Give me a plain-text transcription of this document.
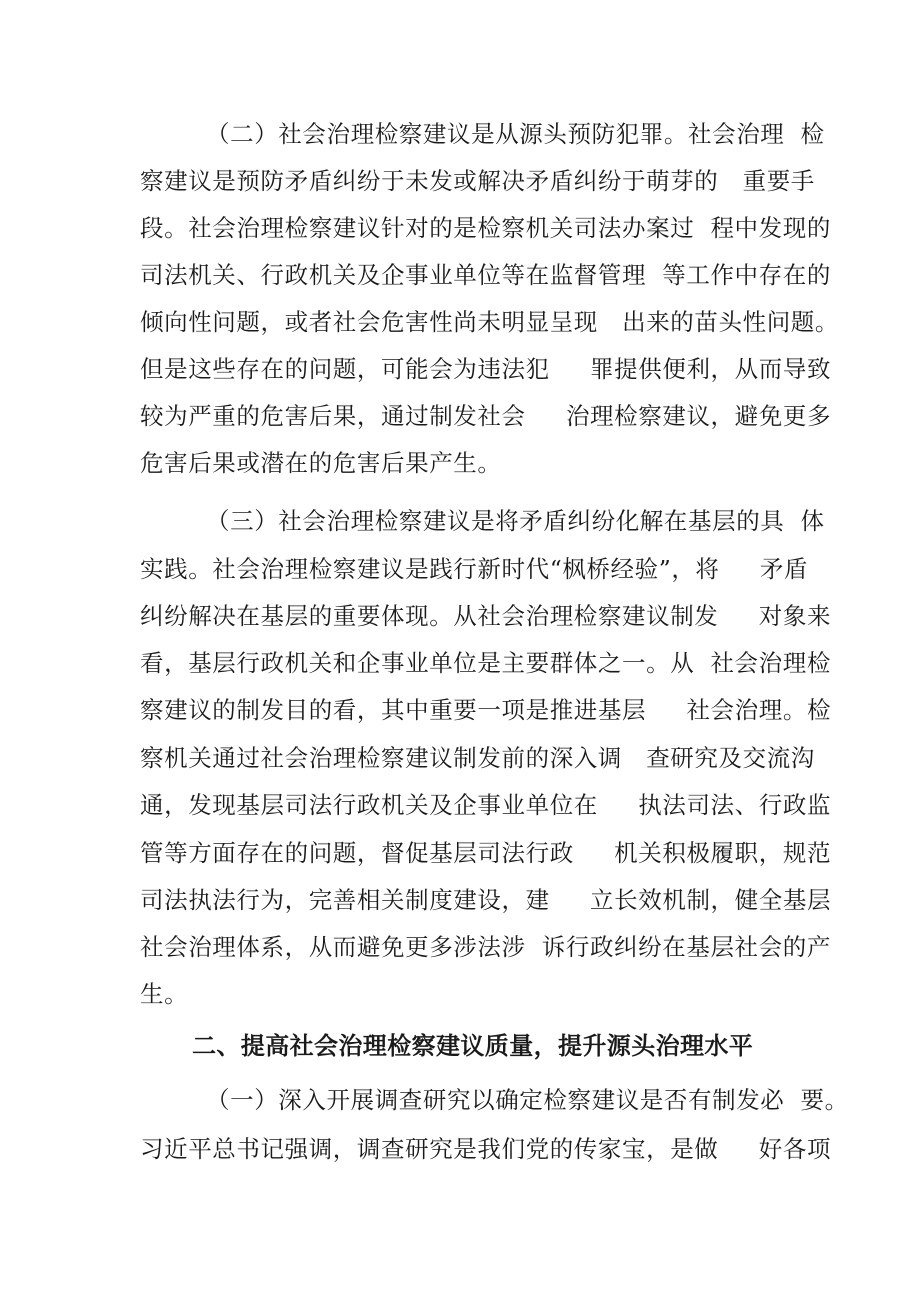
（二）社会治理检察建议是从源头预防犯罪。社会治理  检
察建议是预防矛盾纠纷于未发或解决矛盾纠纷于萌芽的   重要手
段。社会治理检察建议针对的是检察机关司法办案过  程中发现的
司法机关、行政机关及企事业单位等在监督管理  等工作中存在的
倾向性问题，或者社会危害性尚未明显呈现   出来的苗头性问题。
但是这些存在的问题，可能会为违法犯     罪提供便利，从而导致
较为严重的危害后果，通过制发社会     治理检察建议，避免更多
危害后果或潜在的危害后果产生。
（三）社会治理检察建议是将矛盾纠纷化解在基层的具  体
实践。社会治理检察建议是践行新时代“枫桥经验”，将     矛盾
纠纷解决在基层的重要体现。从社会治理检察建议制发     对象来
看，基层行政机关和企事业单位是主要群体之一。从  社会治理检
察建议的制发目的看，其中重要一项是推进基层     社会治理。检
察机关通过社会治理检察建议制发前的深入调   查研究及交流沟
通，发现基层司法行政机关及企事业单位在     执法司法、行政监
管等方面存在的问题，督促基层司法行政     机关积极履职，规范
司法执法行为，完善相关制度建设，建     立长效机制，健全基层
社会治理体系，从而避免更多涉法涉  诉行政纠纷在基层社会的产
生。
二、提高社会治理检察建议质量，提升源头治理水平
（一）深入开展调查研究以确定检察建议是否有制发必  要。
习近平总书记强调，调查研究是我们党的传家宝，是做     好各项
